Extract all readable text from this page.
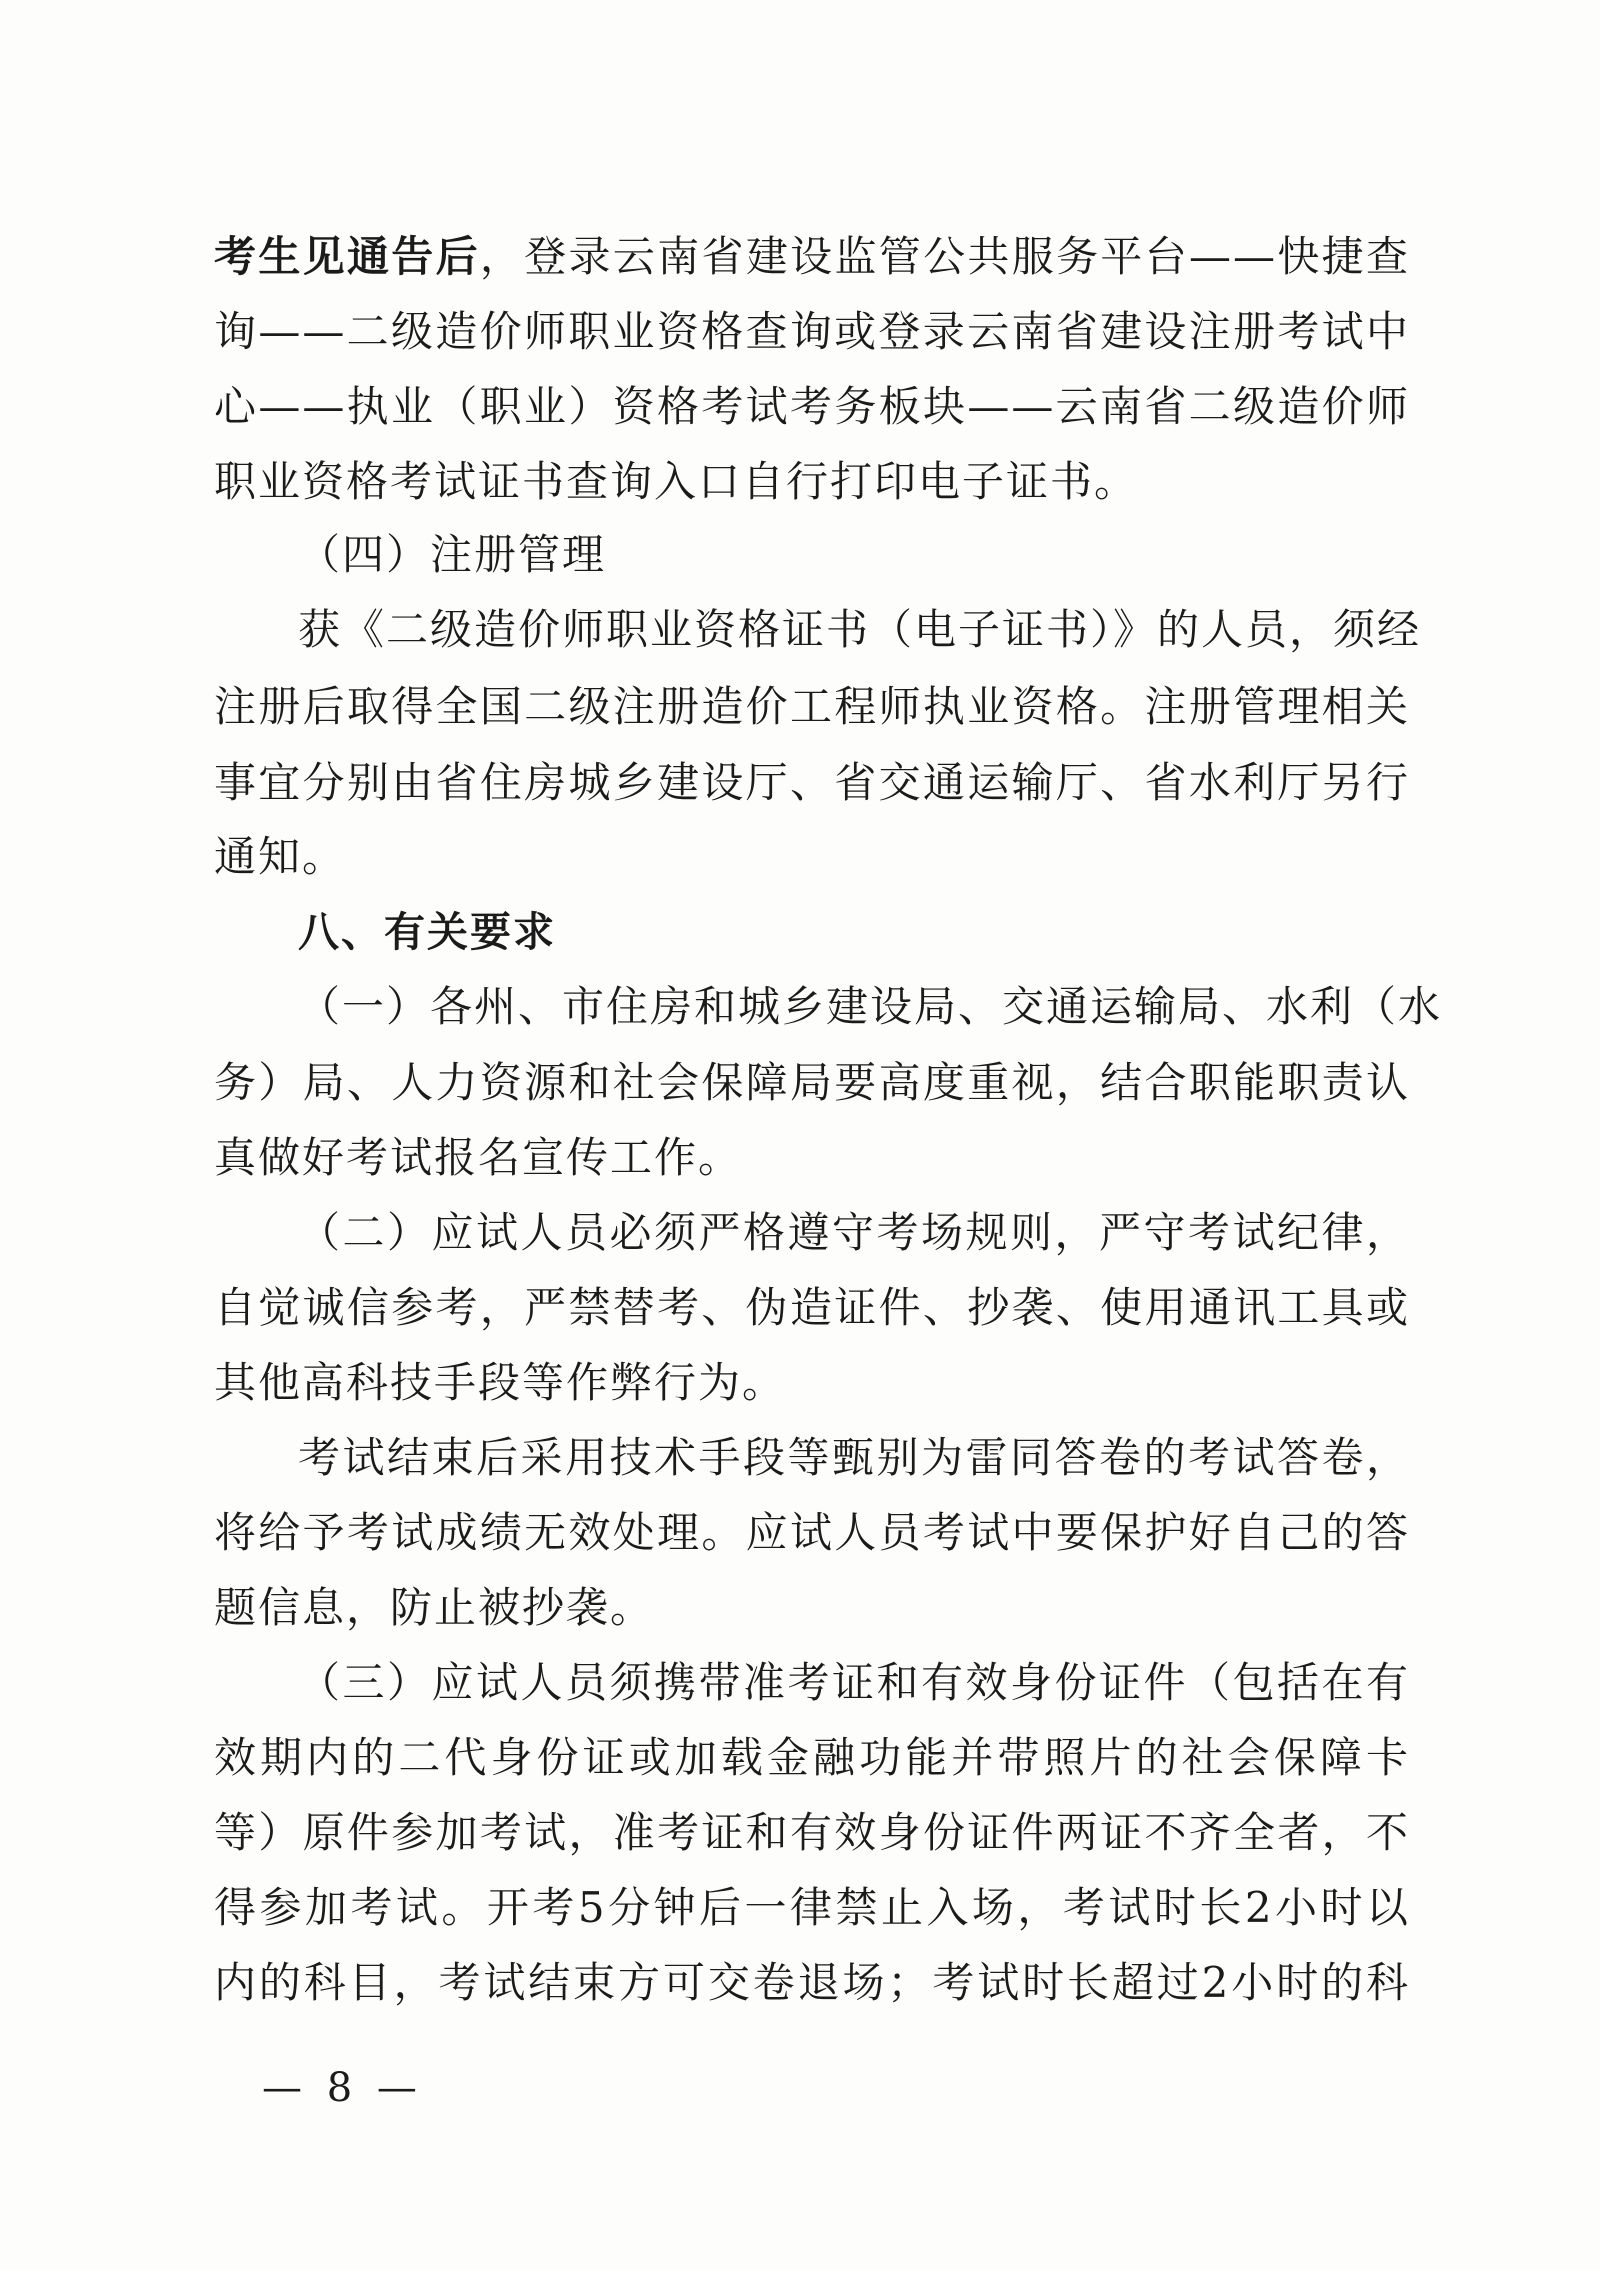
考生见通告后，登录云南省建设监管公共服务平台——快捷查
询——二级造价师职业资格查询或登录云南省建设注册考试中
心——执业（职业）资格考试考务板块——云南省二级造价师
职业资格考试证书查询入口自行打印电子证书。
（四）注册管理
获《二级造价师职业资格证书（电子证书）》的人员，须经
注册后取得全国二级注册造价工程师执业资格。注册管理相关
事宜分别由省住房城乡建设厅、省交通运输厅、省水利厅另行
通知。
八、有关要求
（一）各州、市住房和城乡建设局、交通运输局、水利（水
务）局、人力资源和社会保障局要高度重视，结合职能职责认
真做好考试报名宣传工作。
（二）应试人员必须严格遵守考场规则，严守考试纪律，
自觉诚信参考，严禁替考、伪造证件、抄袭、使用通讯工具或
其他高科技手段等作弊行为。
考试结束后采用技术手段等甄别为雷同答卷的考试答卷，
将给予考试成绩无效处理。应试人员考试中要保护好自己的答
题信息，防止被抄袭。
（三）应试人员须携带准考证和有效身份证件（包括在有
效期内的二代身份证或加载金融功能并带照片的社会保障卡
等）原件参加考试，准考证和有效身份证件两证不齐全者，不
得参加考试。开考5分钟后一律禁止入场，考试时长2小时以
内的科目，考试结束方可交卷退场；考试时长超过2小时的科
— 8 —
